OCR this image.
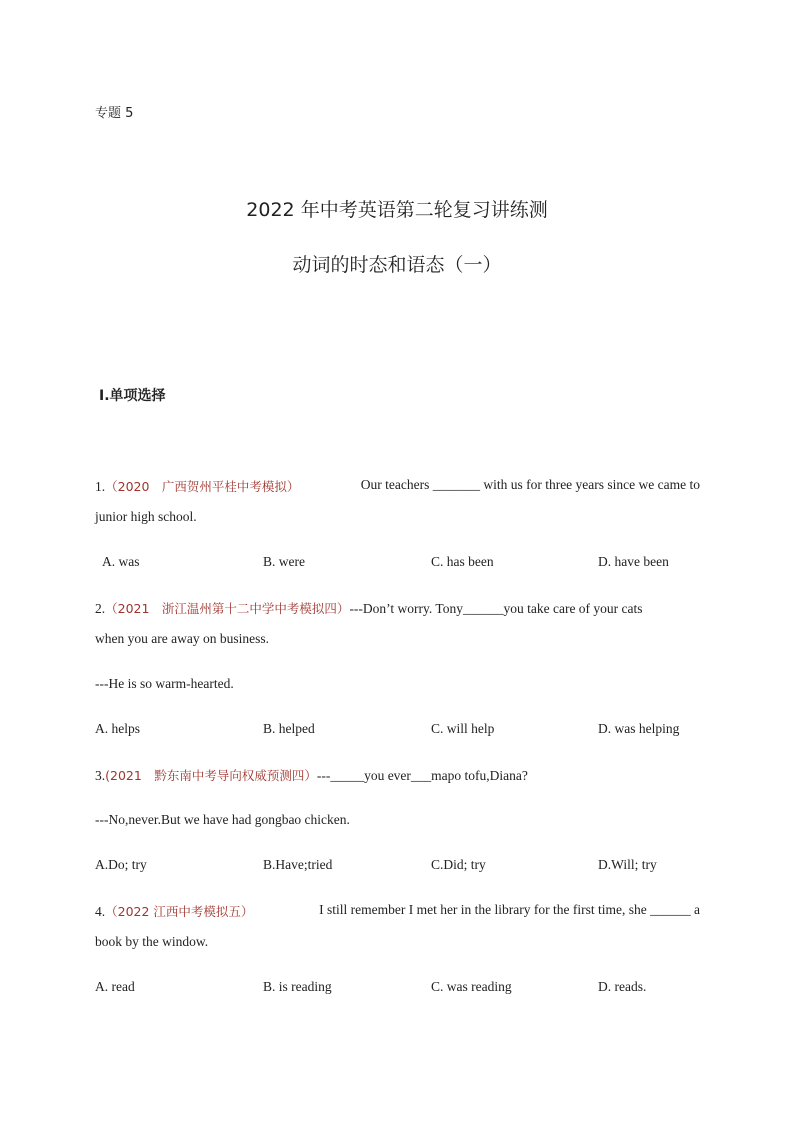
专题 5
2022 年中考英语第二轮复习讲练测
动词的时态和语态（一）
Ⅰ.单项选择
1.（2020　广西贺州平桂中考模拟）	Our teachers _______ with us for three years since we came to
junior high school.
A. was	B. were	C. has been	D. have been
2.（2021　浙江温州第十二中学中考模拟四）---Don’t worry. Tony______you take care of your cats
when you are away on business.
---He is so warm-hearted.
A. helps	B. helped	C. will help	D. was helping
3.(2021　黔东南中考导向权威预测四）---_____you ever___mapo tofu,Diana?
---No,never.But we have had gongbao chicken.
A.Do; try	B.Have;tried	C.Did; try	D.Will; try
4.（2022 江西中考模拟五）	I still remember I met her in the library for the first time, she ______ a
book by the window.
A. read	B. is reading	C. was reading	D. reads.
